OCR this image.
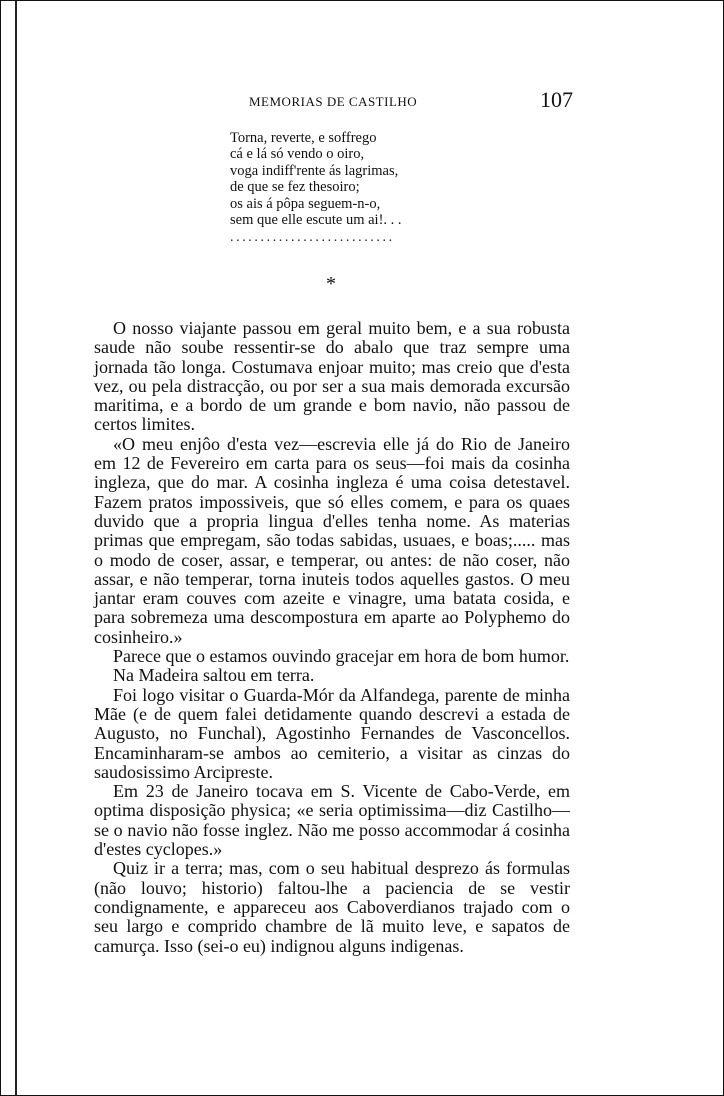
MEMORIAS DE CASTILHO	107
Torna, reverte, e soffrego
cá e lá só vendo o oiro,
voga indiff'rente ás lagrimas,
de que se fez thesoiro;
os ais á pôpa seguem-n-o,
sem que elle escute um ai!. . .
...........................
*

O nosso viajante passou em geral muito bem, e a sua robusta saude não soube ressentir-se do abalo que traz sempre uma jornada tão longa. Costumava enjoar muito; mas creio que d'esta vez, ou pela distracção, ou por ser a sua mais demorada excursão maritima, e a bordo de um grande e bom navio, não passou de certos limites.

«O meu enjôo d'esta vez—escrevia elle já do Rio de Janeiro em 12 de Fevereiro em carta para os seus—foi mais da cosinha ingleza, que do mar. A cosinha ingleza é uma coisa detestavel. Fazem pratos impossiveis, que só elles comem, e para os quaes duvido que a propria lingua d'elles tenha nome. As materias primas que empregam, são todas sabidas, usuaes, e boas;..... mas o modo de coser, assar, e temperar, ou antes: de não coser, não assar, e não temperar, torna inuteis todos aquelles gastos. O meu jantar eram couves com azeite e vinagre, uma batata cosida, e para sobremeza uma descompostura em aparte ao Polyphemo do cosinheiro.»

Parece que o estamos ouvindo gracejar em hora de bom humor.

Na Madeira saltou em terra.

Foi logo visitar o Guarda-Mór da Alfandega, parente de minha Mãe (e de quem falei detidamente quando descrevi a estada de Augusto, no Funchal), Agostinho Fernandes de Vasconcellos. Encaminharam-se ambos ao cemiterio, a visitar as cinzas do saudosissimo Arcipreste.

Em 23 de Janeiro tocava em S. Vicente de Cabo-Verde, em optima disposição physica; «e seria optimissima—diz Castilho—se o navio não fosse inglez. Não me posso accommodar á cosinha d'estes cyclopes.»

Quiz ir a terra; mas, com o seu habitual desprezo ás formulas (não louvo; historio) faltou-lhe a paciencia de se vestir condignamente, e appareceu aos Caboverdianos trajado com o seu largo e comprido chambre de lã muito leve, e sapatos de camurça. Isso (sei-o eu) indignou alguns indigenas.
